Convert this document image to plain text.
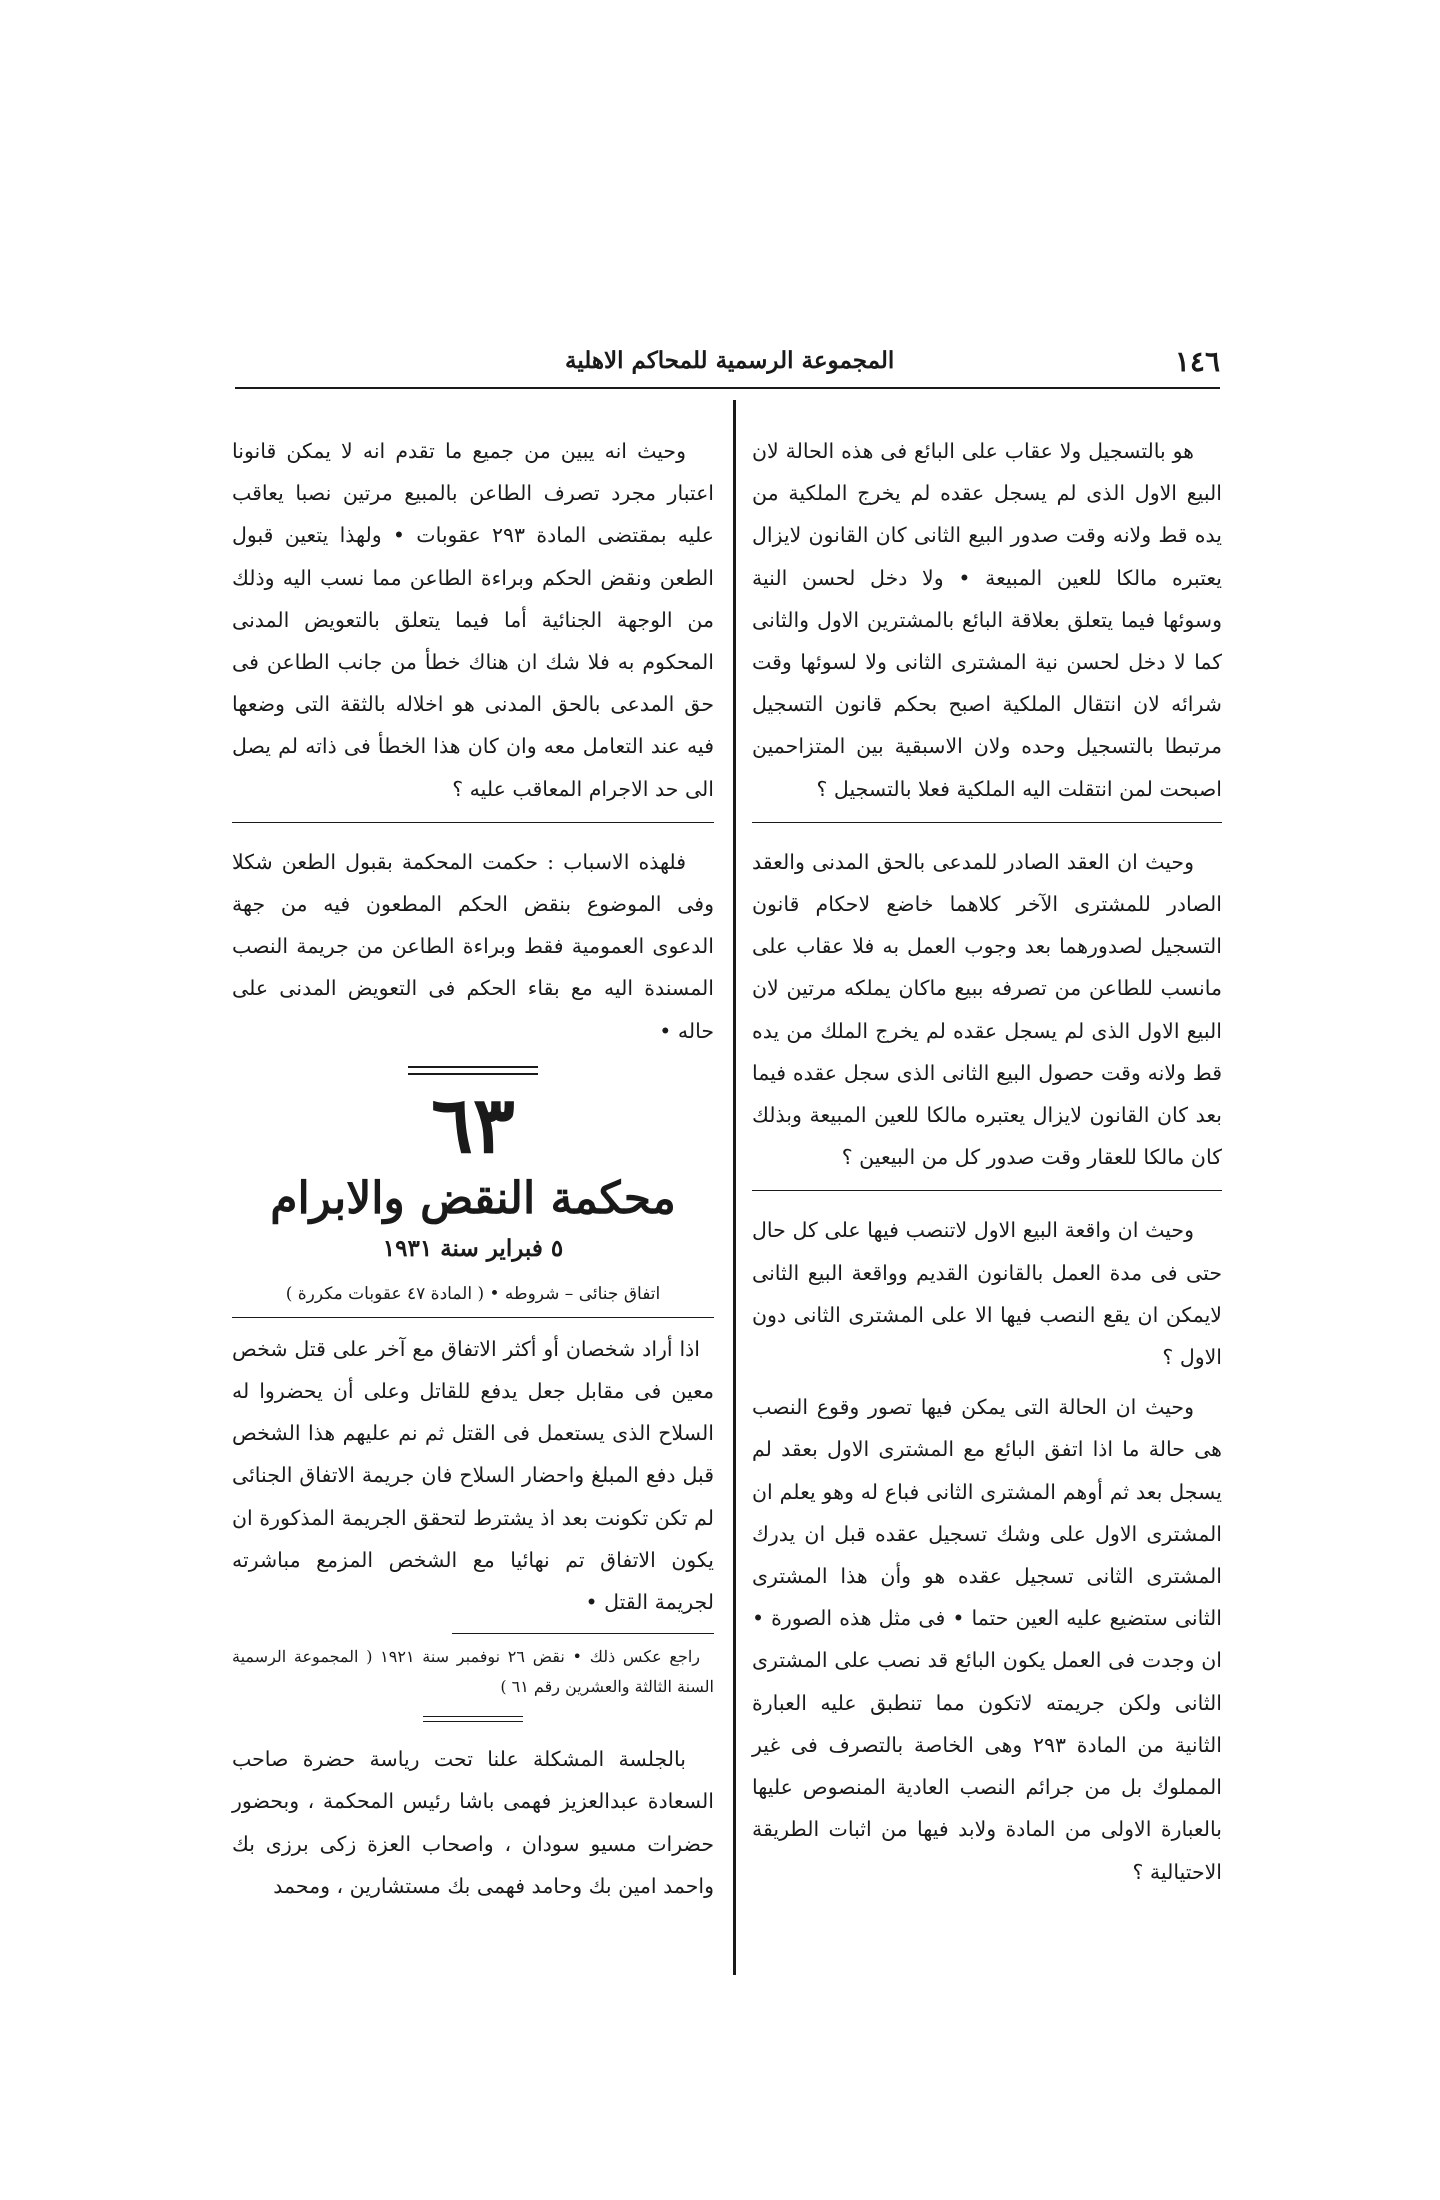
١٤٦
المجموعة الرسمية للمحاكم الاهلية

هو بالتسجيل ولا عقاب على البائع فى هذه الحالة لان البيع الاول الذى لم يسجل عقده لم يخرج الملكية من يده قط ولانه وقت صدور البيع الثانى كان القانون لايزال يعتبره مالكا للعين المبيعة • ولا دخل لحسن النية وسوئها فيما يتعلق بعلاقة البائع بالمشترين الاول والثانى كما لا دخل لحسن نية المشترى الثانى ولا لسوئها وقت شرائه لان انتقال الملكية اصبح بحكم قانون التسجيل مرتبطا بالتسجيل وحده ولان الاسبقية بين المتزاحمين اصبحت لمن انتقلت اليه الملكية فعلا بالتسجيل ؟

وحيث ان العقد الصادر للمدعى بالحق المدنى والعقد الصادر للمشترى الآخر كلاهما خاضع لاحكام قانون التسجيل لصدورهما بعد وجوب العمل به فلا عقاب على مانسب للطاعن من تصرفه ببيع ماكان يملكه مرتين لان البيع الاول الذى لم يسجل عقده لم يخرج الملك من يده قط ولانه وقت حصول البيع الثانى الذى سجل عقده فيما بعد كان القانون لايزال يعتبره مالكا للعين المبيعة وبذلك كان مالكا للعقار وقت صدور كل من البيعين ؟

وحيث ان واقعة البيع الاول لاتنصب فيها على كل حال حتى فى مدة العمل بالقانون القديم وواقعة البيع الثانى لايمكن ان يقع النصب فيها الا على المشترى الثانى دون الاول ؟

وحيث ان الحالة التى يمكن فيها تصور وقوع النصب هى حالة ما اذا اتفق البائع مع المشترى الاول بعقد لم يسجل بعد ثم أوهم المشترى الثانى فباع له وهو يعلم ان المشترى الاول على وشك تسجيل عقده قبل ان يدرك المشترى الثانى تسجيل عقده هو وأن هذا المشترى الثانى ستضيع عليه العين حتما • فى مثل هذه الصورة • ان وجدت فى العمل يكون البائع قد نصب على المشترى الثانى ولكن جريمته لاتكون مما تنطبق عليه العبارة الثانية من المادة ٢٩٣ وهى الخاصة بالتصرف فى غير المملوك بل من جرائم النصب العادية المنصوص عليها بالعبارة الاولى من المادة ولابد فيها من اثبات الطريقة الاحتيالية ؟

وحيث انه يبين من جميع ما تقدم انه لا يمكن قانونا اعتبار مجرد تصرف الطاعن بالمبيع مرتين نصبا يعاقب عليه بمقتضى المادة ٢٩٣ عقوبات • ولهذا يتعين قبول الطعن ونقض الحكم وبراءة الطاعن مما نسب اليه وذلك من الوجهة الجنائية أما فيما يتعلق بالتعويض المدنى المحكوم به فلا شك ان هناك خطأ من جانب الطاعن فى حق المدعى بالحق المدنى هو اخلاله بالثقة التى وضعها فيه عند التعامل معه وان كان هذا الخطأ فى ذاته لم يصل الى حد الاجرام المعاقب عليه ؟

فلهذه الاسباب : حكمت المحكمة بقبول الطعن شكلا وفى الموضوع بنقض الحكم المطعون فيه من جهة الدعوى العمومية فقط وبراءة الطاعن من جريمة النصب المسندة اليه مع بقاء الحكم فى التعويض المدنى على حاله •

٦٣
محكمة النقض والابرام
٥ فبراير سنة ١٩٣١
اتفاق جنائى – شروطه • ( المادة ٤٧ عقوبات مكررة )

اذا أراد شخصان أو أكثر الاتفاق مع آخر على قتل شخص معين فى مقابل جعل يدفع للقاتل وعلى أن يحضروا له السلاح الذى يستعمل فى القتل ثم نم عليهم هذا الشخص قبل دفع المبلغ واحضار السلاح فان جريمة الاتفاق الجنائى لم تكن تكونت بعد اذ يشترط لتحقق الجريمة المذكورة ان يكون الاتفاق تم نهائيا مع الشخص المزمع مباشرته لجريمة القتل •

راجع عكس ذلك • نقض ٢٦ نوفمبر سنة ١٩٢١ ( المجموعة الرسمية السنة الثالثة والعشرين رقم ٦١ )

بالجلسة المشكلة علنا تحت رياسة حضرة صاحب السعادة عبدالعزيز فهمى باشا رئيس المحكمة ، وبحضور حضرات مسيو سودان ، واصحاب العزة زكى برزى بك واحمد امين بك وحامد فهمى بك مستشارين ، ومحمد
